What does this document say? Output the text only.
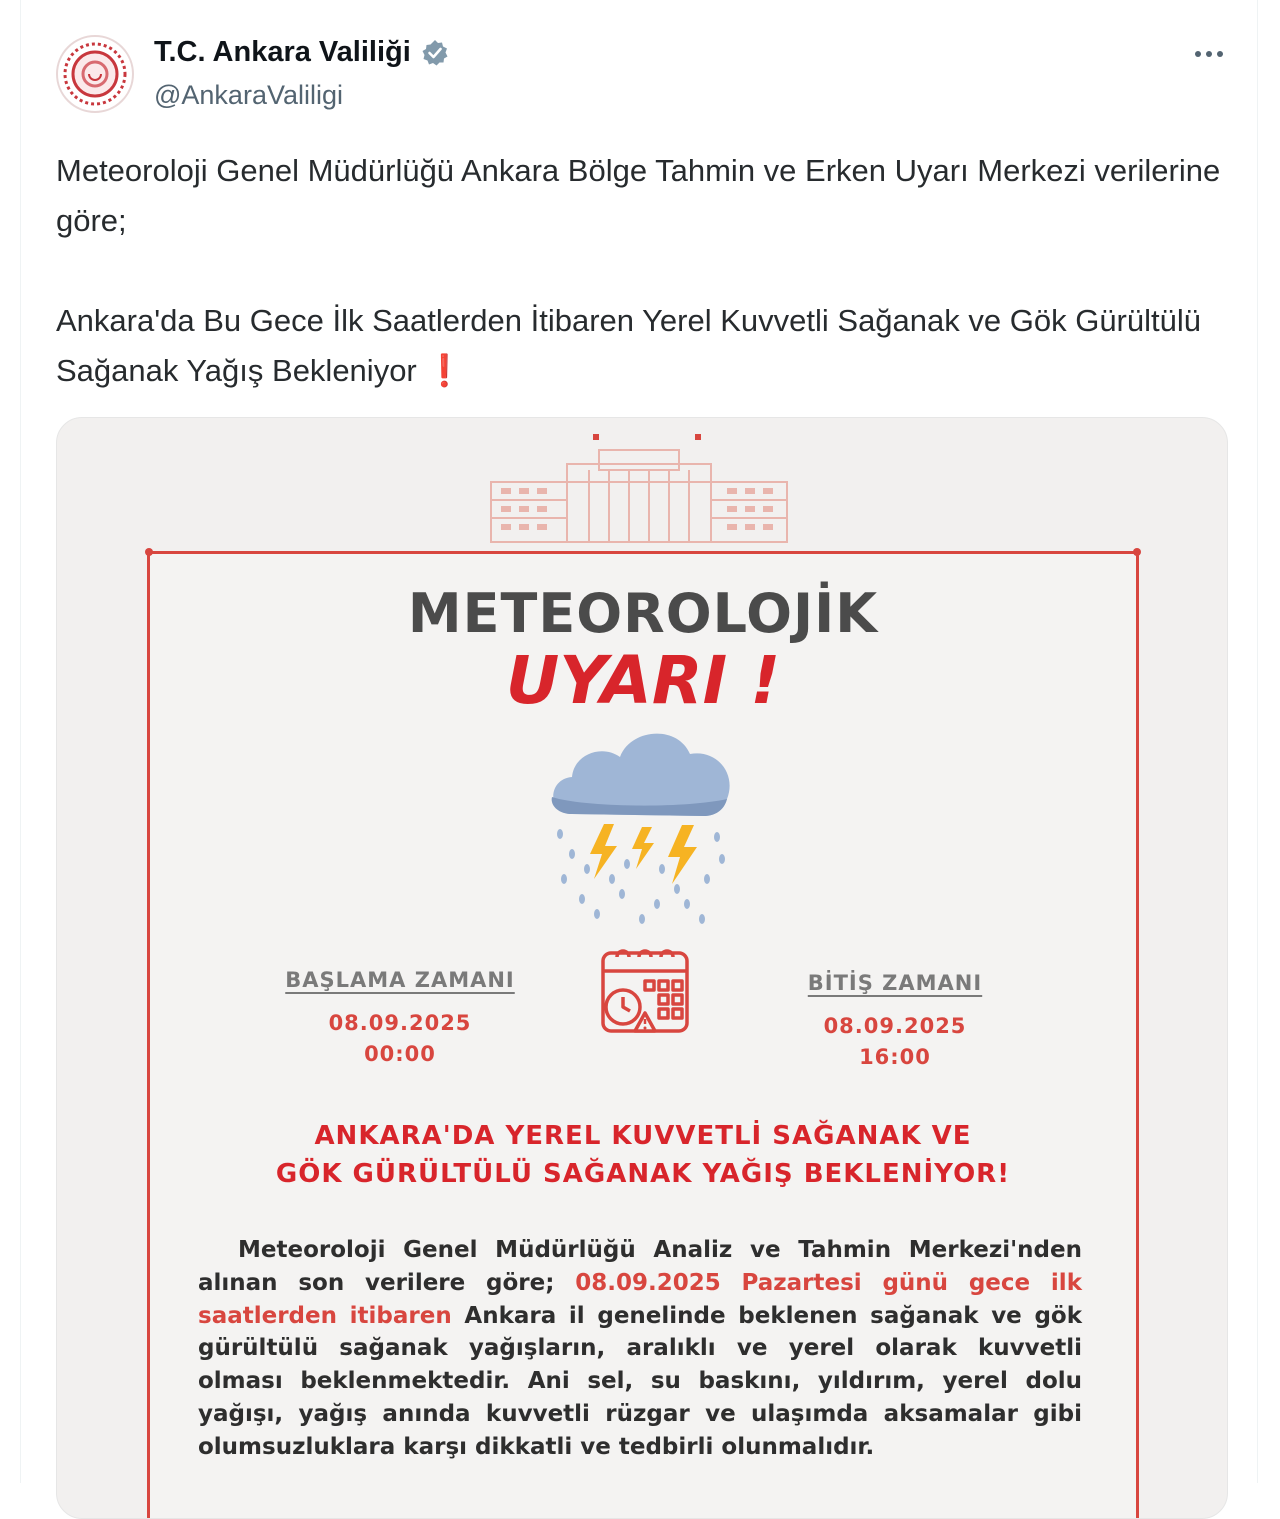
T.C. Ankara Valiliği
@AnkaraValiligi

Meteoroloji Genel Müdürlüğü Ankara Bölge Tahmin ve Erken Uyarı Merkezi verilerine göre;

Ankara'da Bu Gece İlk Saatlerden İtibaren Yerel Kuvvetli Sağanak ve Gök Gürültülü Sağanak Yağış Bekleniyor ❗

METEOROLOJİK
UYARI !
BAŞLAMA ZAMANI
08.09.2025
00:00
BİTİŞ ZAMANI
08.09.2025
16:00
ANKARA'DA YEREL KUVVETLİ SAĞANAK VE
GÖK GÜRÜLTÜLÜ SAĞANAK YAĞIŞ BEKLENİYOR!
Meteoroloji Genel Müdürlüğü Analiz ve Tahmin Merkezi'nden alınan son verilere göre; 08.09.2025 Pazartesi günü gece ilk saatlerden itibaren Ankara il genelinde beklenen sağanak ve gök gürültülü sağanak yağışların, aralıklı ve yerel olarak kuvvetli olması beklenmektedir. Ani sel, su baskını, yıldırım, yerel dolu yağışı, yağış anında kuvvetli rüzgar ve ulaşımda aksamalar gibi olumsuzluklara karşı dikkatli ve tedbirli olunmalıdır.
